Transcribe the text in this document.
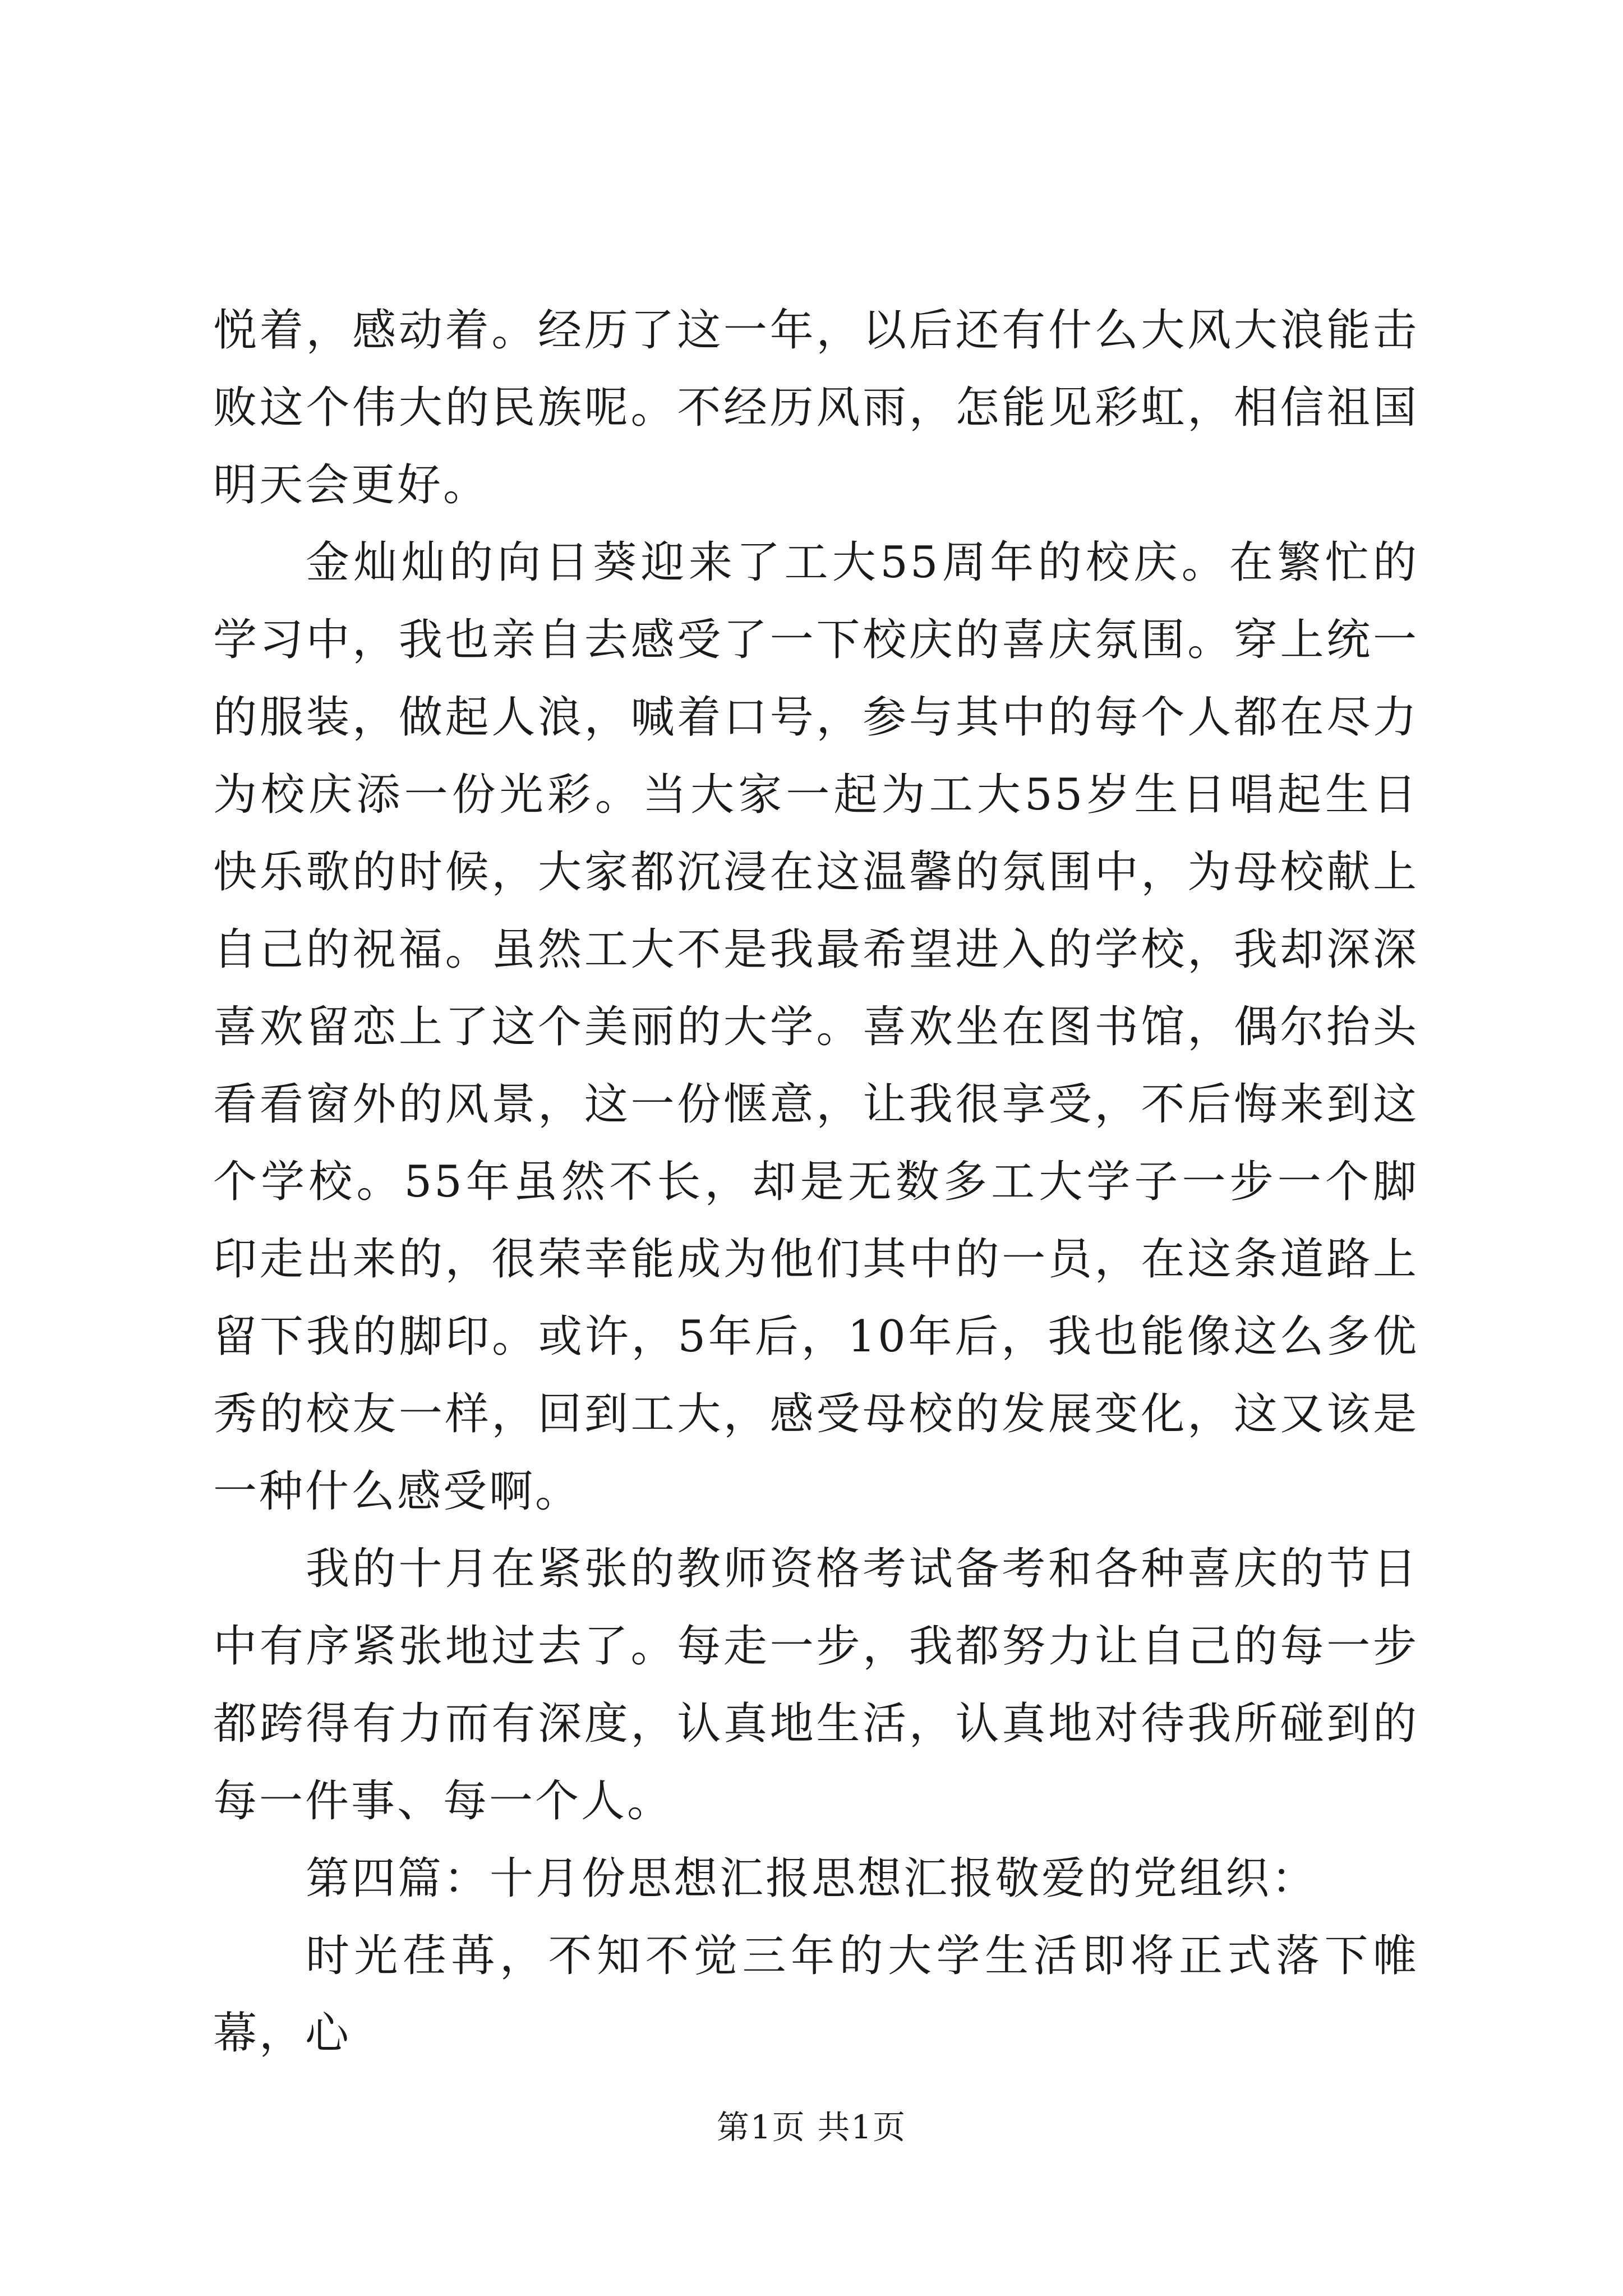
悦着，感动着。经历了这一年，以后还有什么大风大浪能击败这个伟大的民族呢。不经历风雨，怎能见彩虹，相信祖国明天会更好。

金灿灿的向日葵迎来了工大55周年的校庆。在繁忙的学习中，我也亲自去感受了一下校庆的喜庆氛围。穿上统一的服装，做起人浪，喊着口号，参与其中的每个人都在尽力为校庆添一份光彩。当大家一起为工大55岁生日唱起生日快乐歌的时候，大家都沉浸在这温馨的氛围中，为母校献上自己的祝福。虽然工大不是我最希望进入的学校，我却深深喜欢留恋上了这个美丽的大学。喜欢坐在图书馆，偶尔抬头看看窗外的风景，这一份惬意，让我很享受，不后悔来到这个学校。55年虽然不长，却是无数多工大学子一步一个脚印走出来的，很荣幸能成为他们其中的一员，在这条道路上留下我的脚印。或许，5年后，10年后，我也能像这么多优秀的校友一样，回到工大，感受母校的发展变化，这又该是一种什么感受啊。

我的十月在紧张的教师资格考试备考和各种喜庆的节日中有序紧张地过去了。每走一步，我都努力让自己的每一步都跨得有力而有深度，认真地生活，认真地对待我所碰到的每一件事、每一个人。

第四篇：十月份思想汇报思想汇报敬爱的党组织：

时光荏苒，不知不觉三年的大学生活即将正式落下帷幕，心

第1页 共1页
